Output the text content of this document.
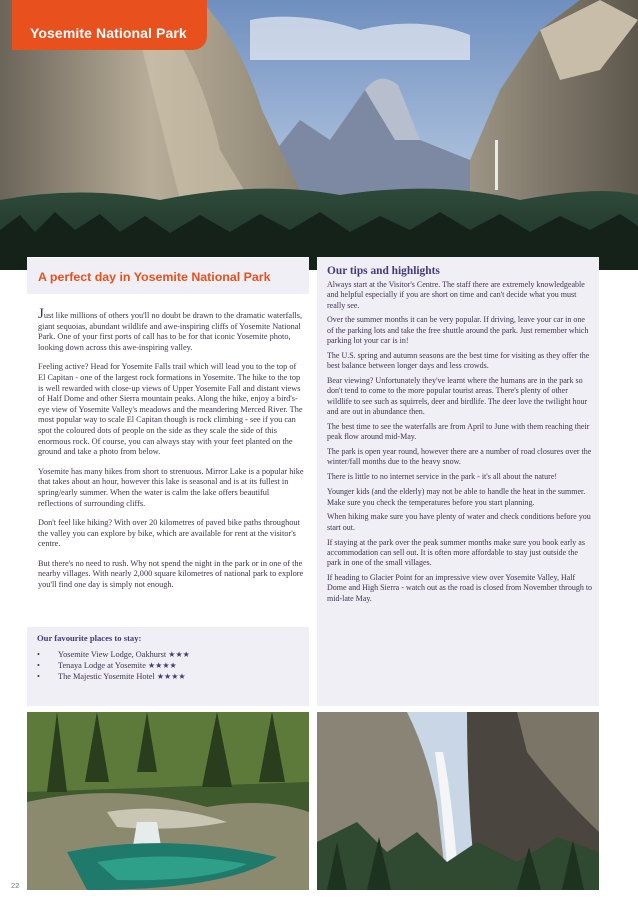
Yosemite National Park
A perfect day in Yosemite National Park

Just like millions of others you'll no doubt be drawn to the dramatic waterfalls, giant sequoias, abundant wildlife and awe-inspiring cliffs of Yosemite National Park. One of your first ports of call has to be for that iconic Yosemite photo, looking down across this awe-inspiring valley.

Feeling active? Head for Yosemite Falls trail which will lead you to the top of El Capitan - one of the largest rock formations in Yosemite. The hike to the top is well rewarded with close-up views of Upper Yosemite Fall and distant views of Half Dome and other Sierra mountain peaks. Along the hike, enjoy a bird's-eye view of Yosemite Valley's meadows and the meandering Merced River. The most popular way to scale El Capitan though is rock climbing - see if you can spot the coloured dots of people on the side as they scale the side of this enormous rock. Of course, you can always stay with your feet planted on the ground and take a photo from below.

Yosemite has many hikes from short to strenuous. Mirror Lake is a popular hike that takes about an hour, however this lake is seasonal and is at its fullest in spring/early summer. When the water is calm the lake offers beautiful reflections of surrounding cliffs.

Don't feel like hiking? With over 20 kilometres of paved bike paths throughout the valley you can explore by bike, which are available for rent at the visitor's centre.

But there's no need to rush. Why not spend the night in the park or in one of the nearby villages. With nearly 2,000 square kilometres of national park to explore you'll find one day is simply not enough.

Our favourite places to stay:
• Yosemite View Lodge, Oakhurst ★★★
• Tenaya Lodge at Yosemite ★★★★
• The Majestic Yosemite Hotel ★★★★
Our tips and highlights

Always start at the Visitor's Centre. The staff there are extremely knowledgeable and helpful especially if you are short on time and can't decide what you must really see.

Over the summer months it can be very popular. If driving, leave your car in one of the parking lots and take the free shuttle around the park. Just remember which parking lot your car is in!

The U.S. spring and autumn seasons are the best time for visiting as they offer the best balance between longer days and less crowds.

Bear viewing? Unfortunately they've learnt where the humans are in the park so don't tend to come to the more popular tourist areas. There's plenty of other wildlife to see such as squirrels, deer and birdlife. The deer love the twilight hour and are out in abundance then.

The best time to see the waterfalls are from April to June with them reaching their peak flow around mid-May.

The park is open year round, however there are a number of road closures over the winter/fall months due to the heavy snow.

There is little to no internet service in the park - it's all about the nature!

Younger kids (and the elderly) may not be able to handle the heat in the summer. Make sure you check the temperatures before you start planning.

When hiking make sure you have plenty of water and check conditions before you start out.

If staying at the park over the peak summer months make sure you book early as accommodation can sell out. It is often more affordable to stay just outside the park in one of the small villages.

If heading to Glacier Point for an impressive view over Yosemite Valley, Half Dome and High Sierra - watch out as the road is closed from November through to mid-late May.

22
